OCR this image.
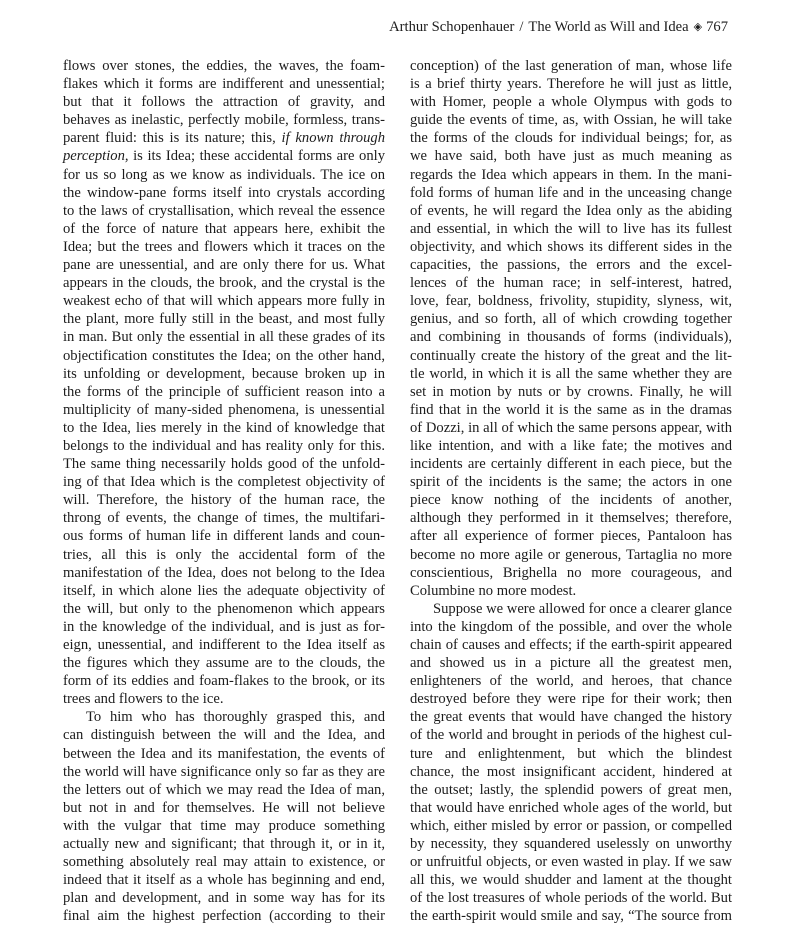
Arthur Schopenhauer / The World as Will and Idea ◈ 767
flows over stones, the eddies, the waves, the foam-
flakes which it forms are indifferent and unessential;
but that it follows the attraction of gravity, and
behaves as inelastic, perfectly mobile, formless, trans-
parent fluid: this is its nature; this, if known through
perception, is its Idea; these accidental forms are only
for us so long as we know as individuals. The ice on
the window-pane forms itself into crystals according
to the laws of crystallisation, which reveal the essence
of the force of nature that appears here, exhibit the
Idea; but the trees and flowers which it traces on the
pane are unessential, and are only there for us. What
appears in the clouds, the brook, and the crystal is the
weakest echo of that will which appears more fully in
the plant, more fully still in the beast, and most fully
in man. But only the essential in all these grades of its
objectification constitutes the Idea; on the other hand,
its unfolding or development, because broken up in
the forms of the principle of sufficient reason into a
multiplicity of many-sided phenomena, is unessential
to the Idea, lies merely in the kind of knowledge that
belongs to the individual and has reality only for this.
The same thing necessarily holds good of the unfold-
ing of that Idea which is the completest objectivity of
will. Therefore, the history of the human race, the
throng of events, the change of times, the multifari-
ous forms of human life in different lands and coun-
tries, all this is only the accidental form of the
manifestation of the Idea, does not belong to the Idea
itself, in which alone lies the adequate objectivity of
the will, but only to the phenomenon which appears
in the knowledge of the individual, and is just as for-
eign, unessential, and indifferent to the Idea itself as
the figures which they assume are to the clouds, the
form of its eddies and foam-flakes to the brook, or its
trees and flowers to the ice.
To him who has thoroughly grasped this, and
can distinguish between the will and the Idea, and
between the Idea and its manifestation, the events of
the world will have significance only so far as they are
the letters out of which we may read the Idea of man,
but not in and for themselves. He will not believe
with the vulgar that time may produce something
actually new and significant; that through it, or in it,
something absolutely real may attain to existence, or
indeed that it itself as a whole has beginning and end,
plan and development, and in some way has for its
final aim the highest perfection (according to their
conception) of the last generation of man, whose life
is a brief thirty years. Therefore he will just as little,
with Homer, people a whole Olympus with gods to
guide the events of time, as, with Ossian, he will take
the forms of the clouds for individual beings; for, as
we have said, both have just as much meaning as
regards the Idea which appears in them. In the mani-
fold forms of human life and in the unceasing change
of events, he will regard the Idea only as the abiding
and essential, in which the will to live has its fullest
objectivity, and which shows its different sides in the
capacities, the passions, the errors and the excel-
lences of the human race; in self-interest, hatred,
love, fear, boldness, frivolity, stupidity, slyness, wit,
genius, and so forth, all of which crowding together
and combining in thousands of forms (individuals),
continually create the history of the great and the lit-
tle world, in which it is all the same whether they are
set in motion by nuts or by crowns. Finally, he will
find that in the world it is the same as in the dramas
of Dozzi, in all of which the same persons appear, with
like intention, and with a like fate; the motives and
incidents are certainly different in each piece, but the
spirit of the incidents is the same; the actors in one
piece know nothing of the incidents of another,
although they performed in it themselves; therefore,
after all experience of former pieces, Pantaloon has
become no more agile or generous, Tartaglia no more
conscientious, Brighella no more courageous, and
Columbine no more modest.
Suppose we were allowed for once a clearer glance
into the kingdom of the possible, and over the whole
chain of causes and effects; if the earth-spirit appeared
and showed us in a picture all the greatest men,
enlighteners of the world, and heroes, that chance
destroyed before they were ripe for their work; then
the great events that would have changed the history
of the world and brought in periods of the highest cul-
ture and enlightenment, but which the blindest
chance, the most insignificant accident, hindered at
the outset; lastly, the splendid powers of great men,
that would have enriched whole ages of the world, but
which, either misled by error or passion, or compelled
by necessity, they squandered uselessly on unworthy
or unfruitful objects, or even wasted in play. If we saw
all this, we would shudder and lament at the thought
of the lost treasures of whole periods of the world. But
the earth-spirit would smile and say, “The source from
